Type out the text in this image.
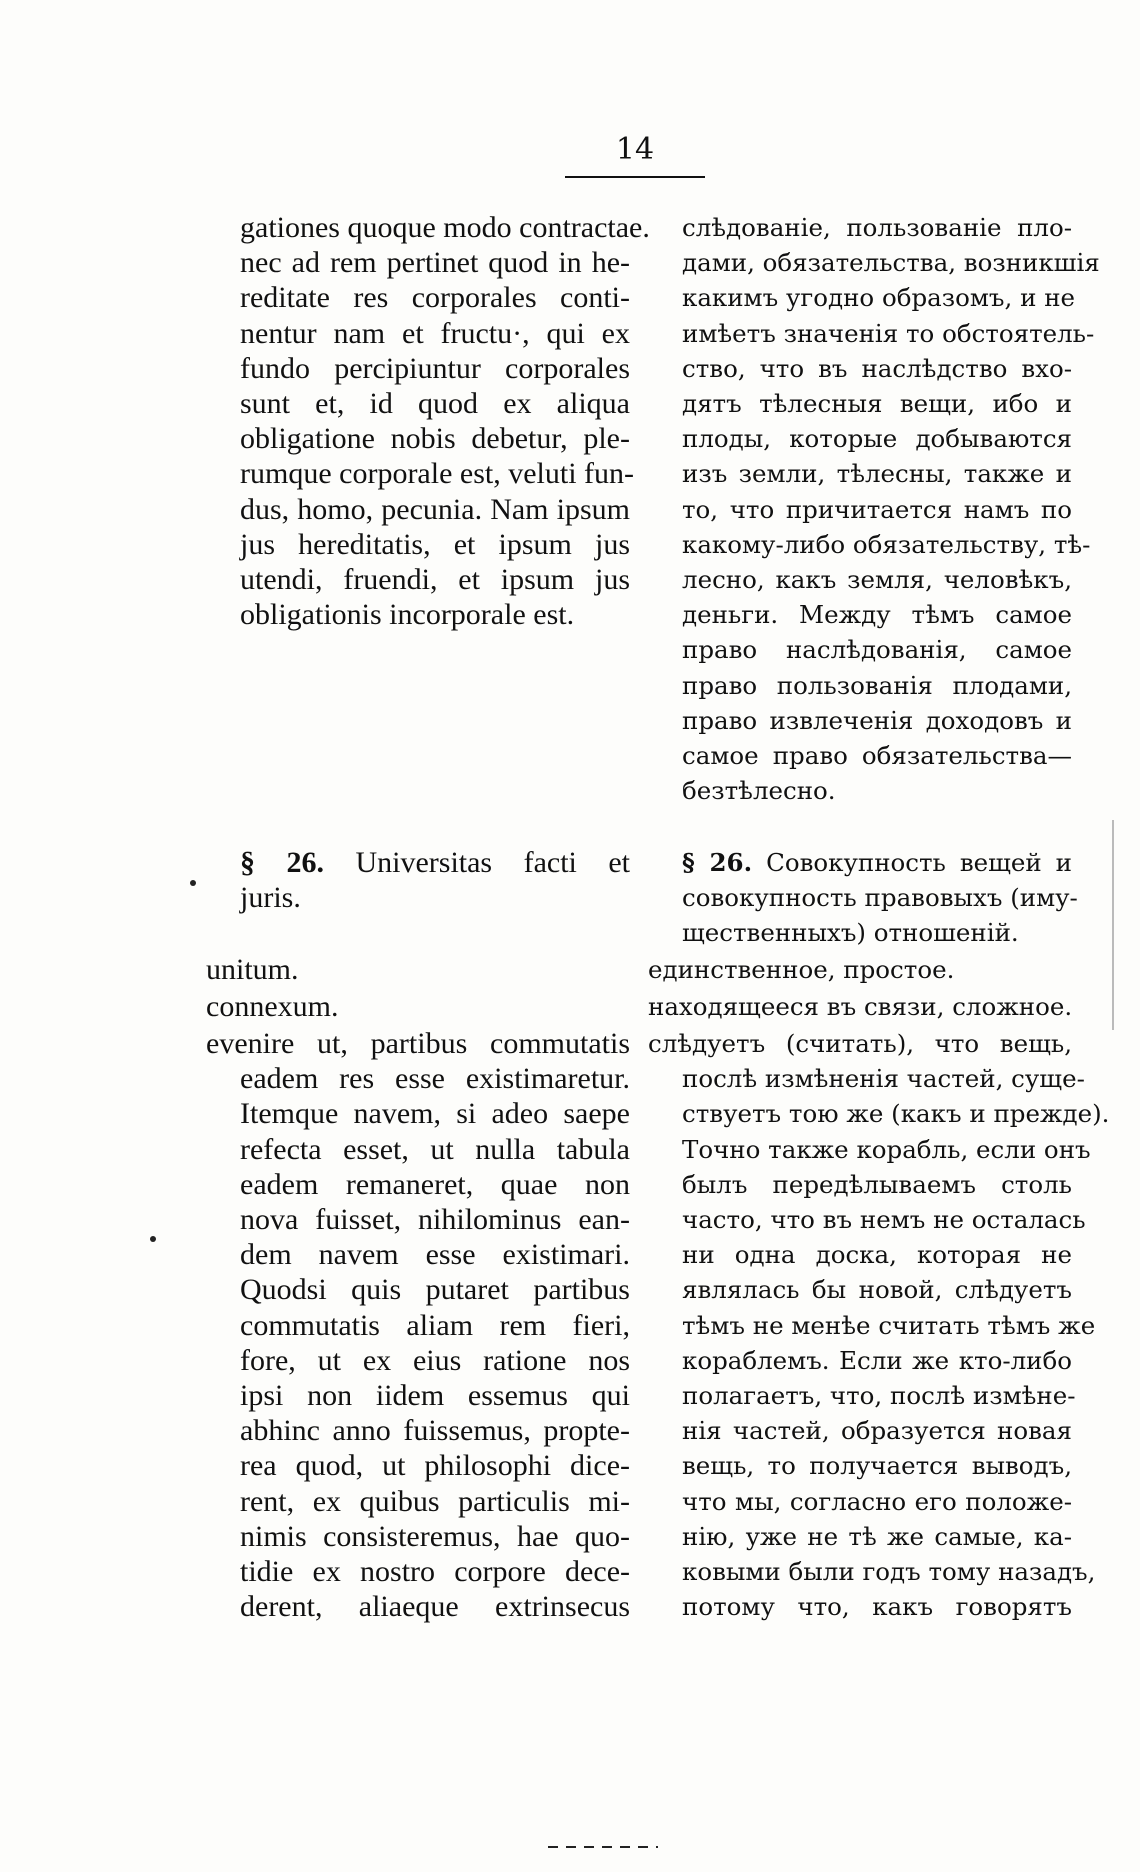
14
gationes quoque modo contractae.
nec ad rem pertinet quod in he-
reditate res corporales conti-
nentur nam et fructu·, qui ex
fundo percipiuntur corporales
sunt et, id quod ex aliqua
obligatione nobis debetur, ple-
rumque corporale est, veluti fun-
dus, homo, pecunia. Nam ipsum
jus hereditatis, et ipsum jus
utendi, fruendi, et ipsum jus
obligationis incorporale est.
слѣдованіе, пользованіе пло-
дами, обязательства, возникшія
какимъ угодно образомъ, и не
имѣетъ значенія то обстоятель-
ство, что въ наслѣдство вхо-
дятъ тѣлесныя вещи, ибо и
плоды, которые добываются
изъ земли, тѣлесны, также и
то, что причитается намъ по
какому-либо обязательству, тѣ-
лесно, какъ земля, человѣкъ,
деньги. Между тѣмъ самое
право наслѣдованія, самое
право пользованія плодами,
право извлеченія доходовъ и
самое право обязательства—
безтѣлесно.
§ 26. Universitas facti et
juris.
§ 26. Совокупность вещей и
совокупность правовыхъ (иму-
щественныхъ) отношеній.
unitum.	единственное, простое.
connexum.	находящееся въ связи, сложное.
evenire ut, partibus commutatis
eadem res esse existimaretur.
Itemque navem, si adeo saepe
refecta esset, ut nulla tabula
eadem remaneret, quae non
nova fuisset, nihilominus ean-
dem navem esse existimari.
Quodsi quis putaret partibus
commutatis aliam rem fieri,
fore, ut ex eius ratione nos
ipsi non iidem essemus qui
abhinc anno fuissemus, propte-
rea quod, ut philosophi dice-
rent, ex quibus particulis mi-
nimis consisteremus, hae quo-
tidie ex nostro corpore dece-
derent, aliaeque extrinsecus
слѣдуетъ (считать), что вещь,
послѣ измѣненія частей, суще-
ствуетъ тою же (какъ и прежде).
Точно также корабль, если онъ
былъ передѣлываемъ столь
часто, что въ немъ не осталась
ни одна доска, которая не
являлась бы новой, слѣдуетъ
тѣмъ не менѣе считать тѣмъ же
кораблемъ. Если же кто-либо
полагаетъ, что, послѣ измѣне-
нія частей, образуется новая
вещь, то получается выводъ,
что мы, согласно его положе-
нію, уже не тѣ же самые, ка-
ковыми были годъ тому назадъ,
потому что, какъ говорятъ
